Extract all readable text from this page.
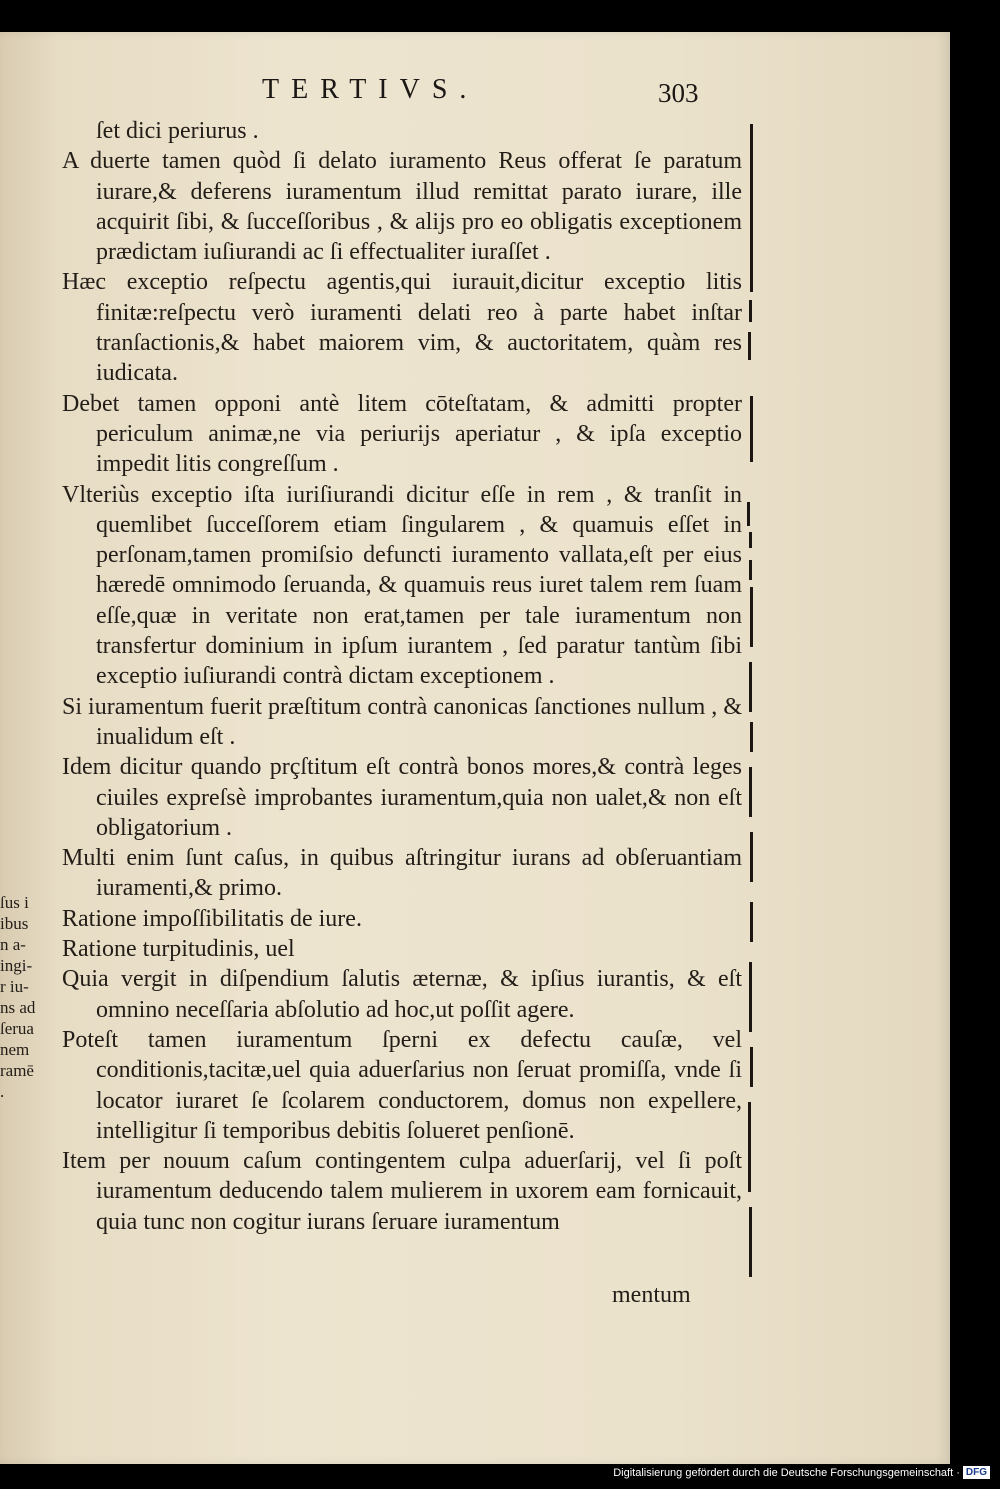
TERTIVS.	303

ſet dici periurus .

A duerte tamen quòd ſi delato iuramento Reus offerat ſe paratum iurare,& deferens iuramentum illud remittat parato iurare, ille acquirit ſibi, & ſucceſſoribus , & alijs pro eo obligatis exceptionem prædictam iuſiurandi ac ſi effectualiter iuraſſet .

Hæc exceptio reſpectu agentis,qui iurauit,dicitur exceptio litis finitæ:reſpectu verò iuramenti delati reo à parte habet inſtar tranſactionis,& habet maiorem vim, & auctoritatem, quàm res iudicata.

Debet tamen opponi antè litem cōteſtatam, & admitti propter periculum animæ,ne via periurijs aperiatur , & ipſa exceptio impedit litis congreſſum .

Vlteriùs exceptio iſta iuriſiurandi dicitur eſſe in rem , & tranſit in quemlibet ſucceſſorem etiam ſingularem , & quamuis eſſet in perſonam,tamen promiſsio defuncti iuramento vallata,eſt per eius hæredē omnimodo ſeruanda, & quamuis reus iuret talem rem ſuam eſſe,quæ in veritate non erat,tamen per tale iuramentum non transfertur dominium in ipſum iurantem , ſed paratur tantùm ſibi exceptio iuſiurandi contrà dictam exceptionem .

Si iuramentum fuerit præſtitum contrà canonicas ſanctiones nullum , & inualidum eſt .

Idem dicitur quando prçſtitum eſt contrà bonos mores,& contrà leges ciuiles expreſsè improbantes iuramentum,quia non ualet,& non eſt obligatorium .

Multi enim ſunt caſus, in quibus aſtringitur iurans ad obſeruantiam iuramenti,& primo.

Ratione impoſſibilitatis de iure.

Ratione turpitudinis, uel

Quia vergit in diſpendium ſalutis æternæ, & ipſius iurantis, & eſt omnino neceſſaria abſolutio ad hoc,ut poſſit agere.

Poteſt tamen iuramentum ſperni ex defectu cauſæ, vel conditionis,tacitæ,uel quia aduerſarius non ſeruat promiſſa, vnde ſi locator iuraret ſe ſcolarem conductorem, domus non expellere, intelligitur ſi temporibus debitis ſolueret penſionē.

Item per nouum caſum contingentem culpa aduerſarij, vel ſi poſt iuramentum deducendo talem mulierem in uxorem eam fornicauit, quia tunc non cogitur iurans ſeruare iuramentum

mentum
ſus i
ibus
n a-
ingi-
r iu-
ns ad
ſerua
nem
ramē
.
Digitalisierung gefördert durch die Deutsche Forschungsgemeinschaft · DFG
